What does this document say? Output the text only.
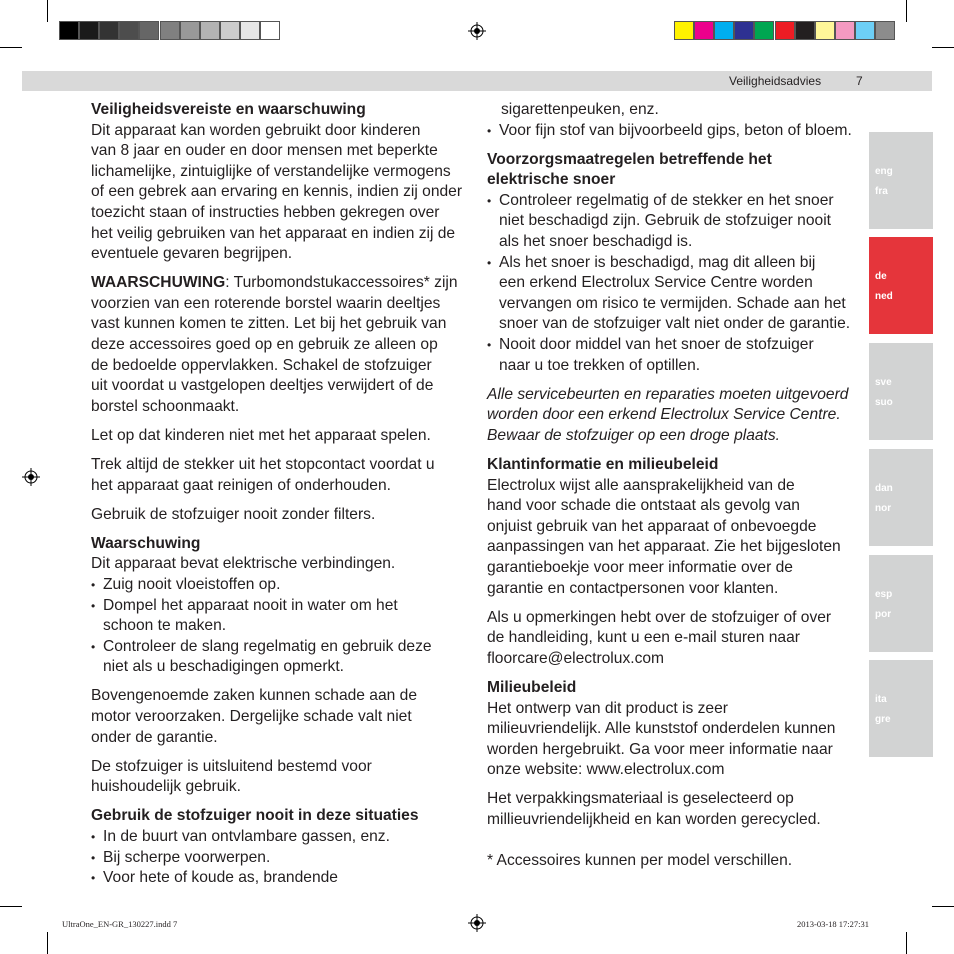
Veiligheidsadvies	7

Veiligheidsvereiste en waarschuwing

Dit apparaat kan worden gebruikt door kinderen
van 8 jaar en ouder en door mensen met beperkte
lichamelijke, zintuiglijke of verstandelijke vermogens
of een gebrek aan ervaring en kennis, indien zij onder
toezicht staan of instructies hebben gekregen over
het veilig gebruiken van het apparaat en indien zij de
eventuele gevaren begrijpen.

WAARSCHUWING: Turbomondstukaccessoires* zijn

voorzien van een roterende borstel waarin deeltjes
vast kunnen komen te zitten. Let bij het gebruik van
deze accessoires goed op en gebruik ze alleen op
de bedoelde oppervlakken. Schakel de stofzuiger
uit voordat u vastgelopen deeltjes verwijdert of de
borstel schoonmaakt.

Let op dat kinderen niet met het apparaat spelen.

Trek altijd de stekker uit het stopcontact voordat u
het apparaat gaat reinigen of onderhouden.

Gebruik de stofzuiger nooit zonder filters.

Waarschuwing

Dit apparaat bevat elektrische verbindingen.

• Zuig nooit vloeistoffen op.
• Dompel het apparaat nooit in water om het
schoon te maken.
• Controleer de slang regelmatig en gebruik deze
niet als u beschadigingen opmerkt.
Bovengenoemde zaken kunnen schade aan de
motor veroorzaken. Dergelijke schade valt niet
onder de garantie.
De stofzuiger is uitsluitend bestemd voor
huishoudelijk gebruik.

Gebruik de stofzuiger nooit in deze situaties

• In de buurt van ontvlambare gassen, enz.
• Bij scherpe voorwerpen.
• Voor hete of koude as, brandende

sigarettenpeuken, enz.

• Voor fijn stof van bijvoorbeeld gips, beton of bloem.
Voorzorgsmaatregelen betreffende het
elektrische snoer
• Controleer regelmatig of de stekker en het snoer
niet beschadigd zijn. Gebruik de stofzuiger nooit
als het snoer beschadigd is.
• Als het snoer is beschadigd, mag dit alleen bij
een erkend Electrolux Service Centre worden
vervangen om risico te vermijden. Schade aan het
snoer van de stofzuiger valt niet onder de garantie.
• Nooit door middel van het snoer de stofzuiger
naar u toe trekken of optillen.
Alle servicebeurten en reparaties moeten uitgevoerd
worden door een erkend Electrolux Service Centre.
Bewaar de stofzuiger op een droge plaats.

Klantinformatie en milieubeleid

Electrolux wijst alle aansprakelijkheid van de
hand voor schade die ontstaat als gevolg van
onjuist gebruik van het apparaat of onbevoegde
aanpassingen van het apparaat. Zie het bijgesloten
garantieboekje voor meer informatie over de
garantie en contactpersonen voor klanten.
Als u opmerkingen hebt over de stofzuiger of over
de handleiding, kunt u een e-mail sturen naar
floorcare@electrolux.com

Milieubeleid

Het ontwerp van dit product is zeer
milieuvriendelijk. Alle kunststof onderdelen kunnen
worden hergebruikt. Ga voor meer informatie naar
onze website: www.electrolux.com
Het verpakkingsmateriaal is geselecteerd op
millieuvriendelijkheid en kan worden gerecycled.

* Accessoires kunnen per model verschillen.

eng
fra
de
ned
sve
suo
dan
nor
esp
por
ita
gre
UltraOne_EN-GR_130227.indd 7	2013-03-18 17:27:31
